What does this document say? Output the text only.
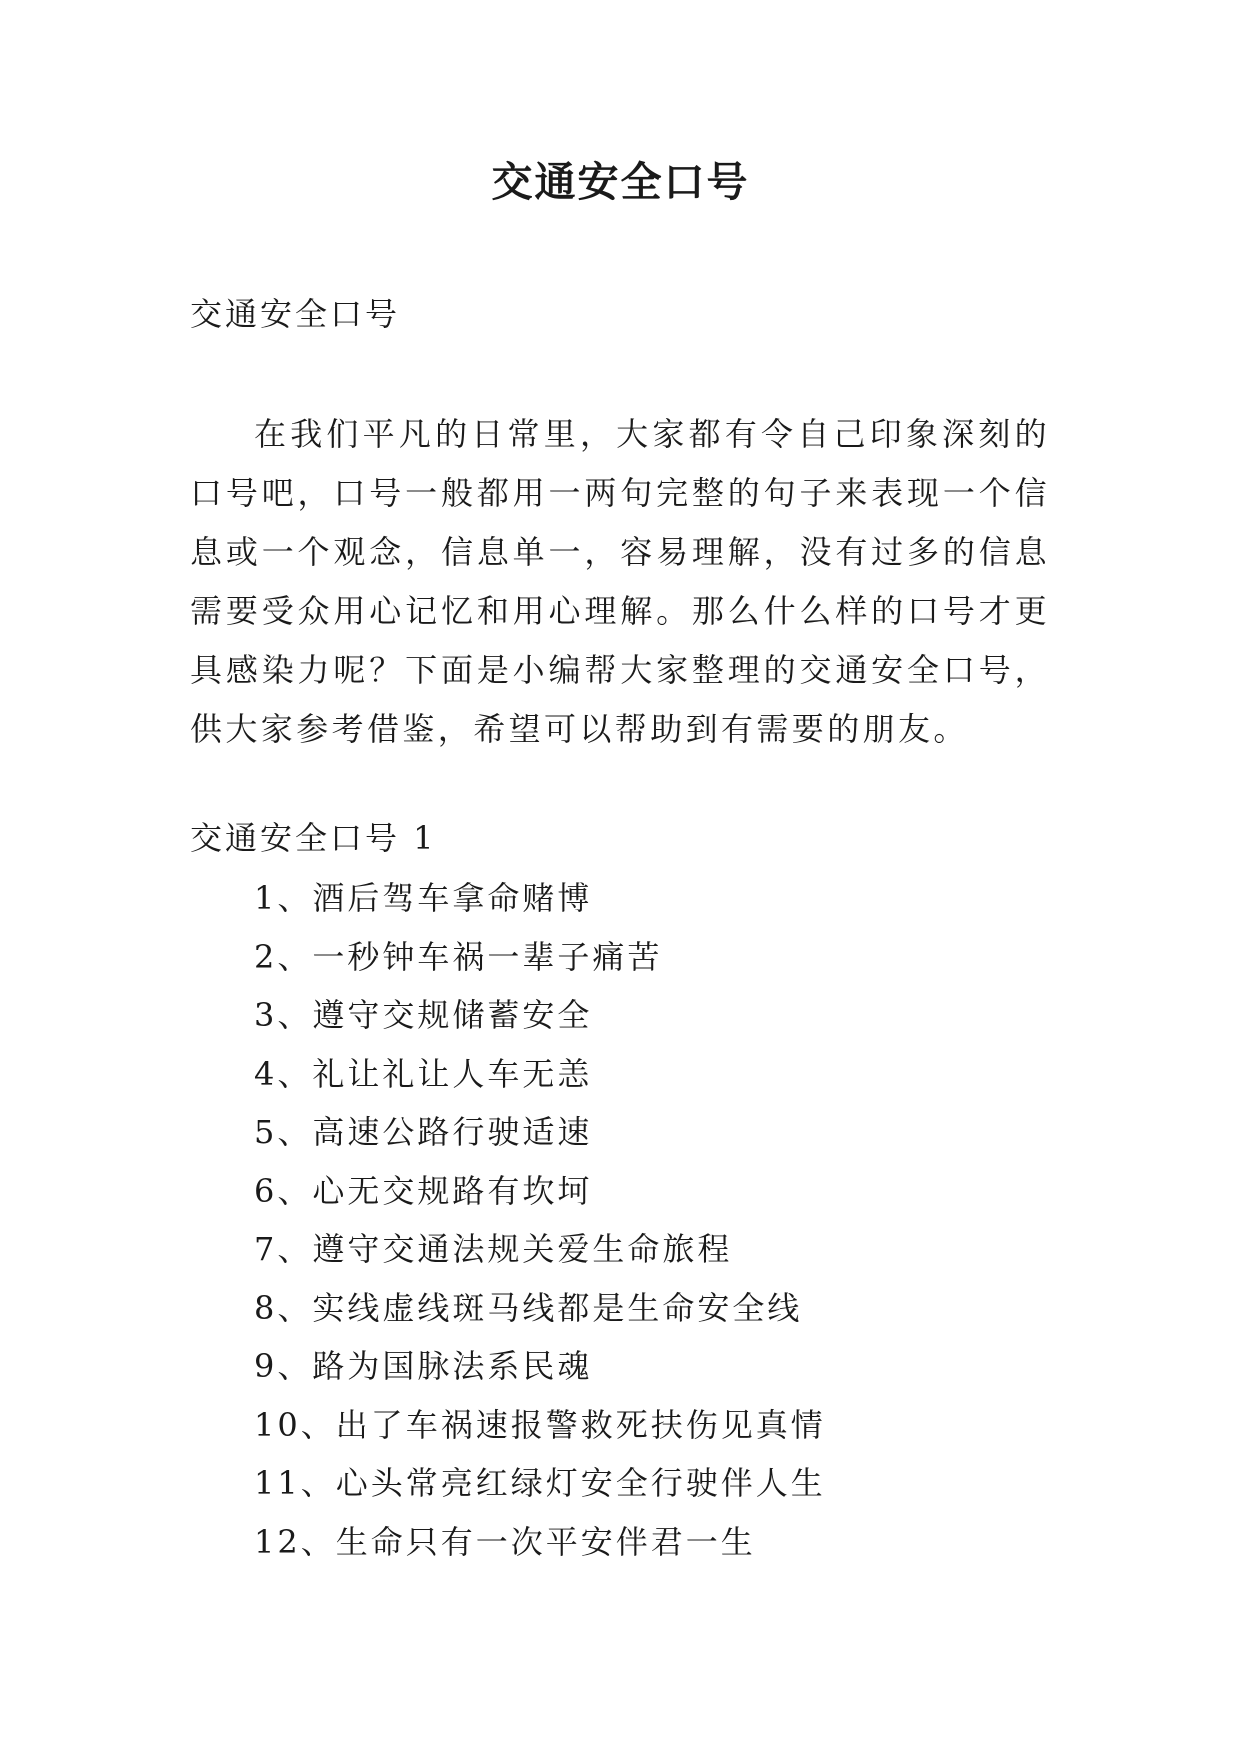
交通安全口号
交通安全口号

在我们平凡的日常里，大家都有令自己印象深刻的口号吧，口号一般都用一两句完整的句子来表现一个信息或一个观念，信息单一，容易理解，没有过多的信息需要受众用心记忆和用心理解。那么什么样的口号才更具感染力呢？下面是小编帮大家整理的交通安全口号，供大家参考借鉴，希望可以帮助到有需要的朋友。

交通安全口号 1
1、酒后驾车拿命赌博
2、一秒钟车祸一辈子痛苦
3、遵守交规储蓄安全
4、礼让礼让人车无恙
5、高速公路行驶适速
6、心无交规路有坎坷
7、遵守交通法规关爱生命旅程
8、实线虚线斑马线都是生命安全线
9、路为国脉法系民魂
10、出了车祸速报警救死扶伤见真情
11、心头常亮红绿灯安全行驶伴人生
12、生命只有一次平安伴君一生
